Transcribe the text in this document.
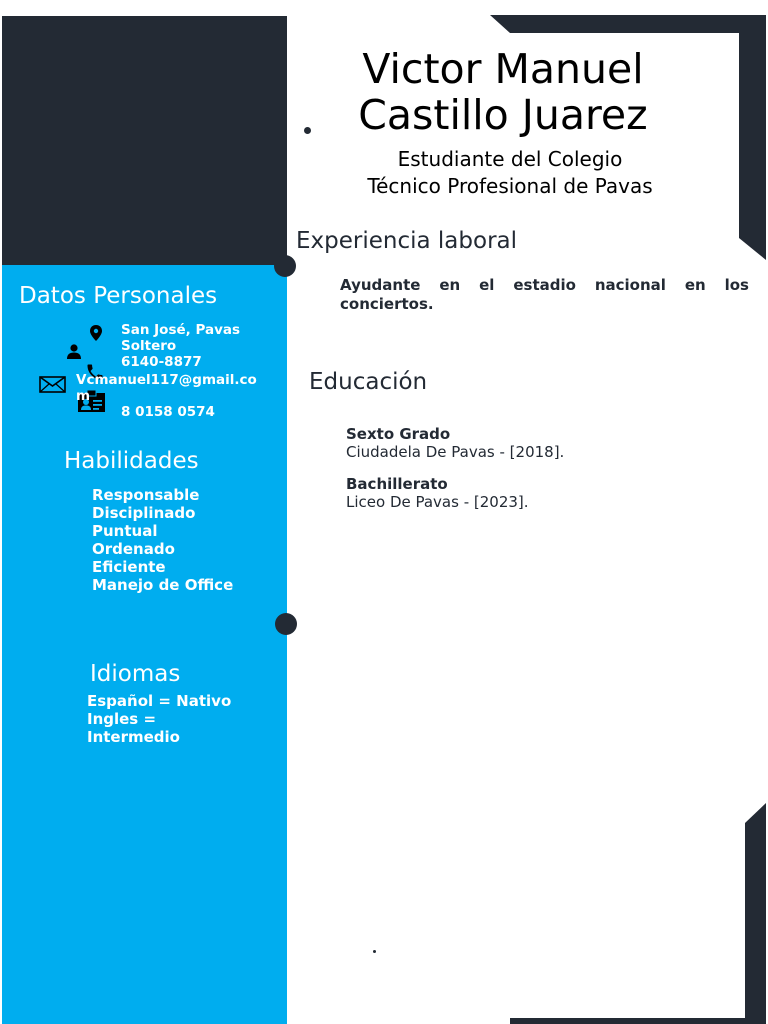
Victor Manuel
Castillo Juarez
Estudiante del Colegio
Técnico Profesional de Pavas
Experiencia laboral
Ayudante en el estadio nacional en los conciertos.
Educación
Sexto Grado
Ciudadela De Pavas - [2018].
Bachillerato
Liceo De Pavas - [2023].
Datos Personales
San José, Pavas
Soltero
6140-8877
Vcmanuel117@gmail.co
m
8 0158 0574
Habilidades
Responsable
Disciplinado
Puntual
Ordenado
Eficiente
Manejo de Office
Idiomas
Español = Nativo
Ingles =
Intermedio
